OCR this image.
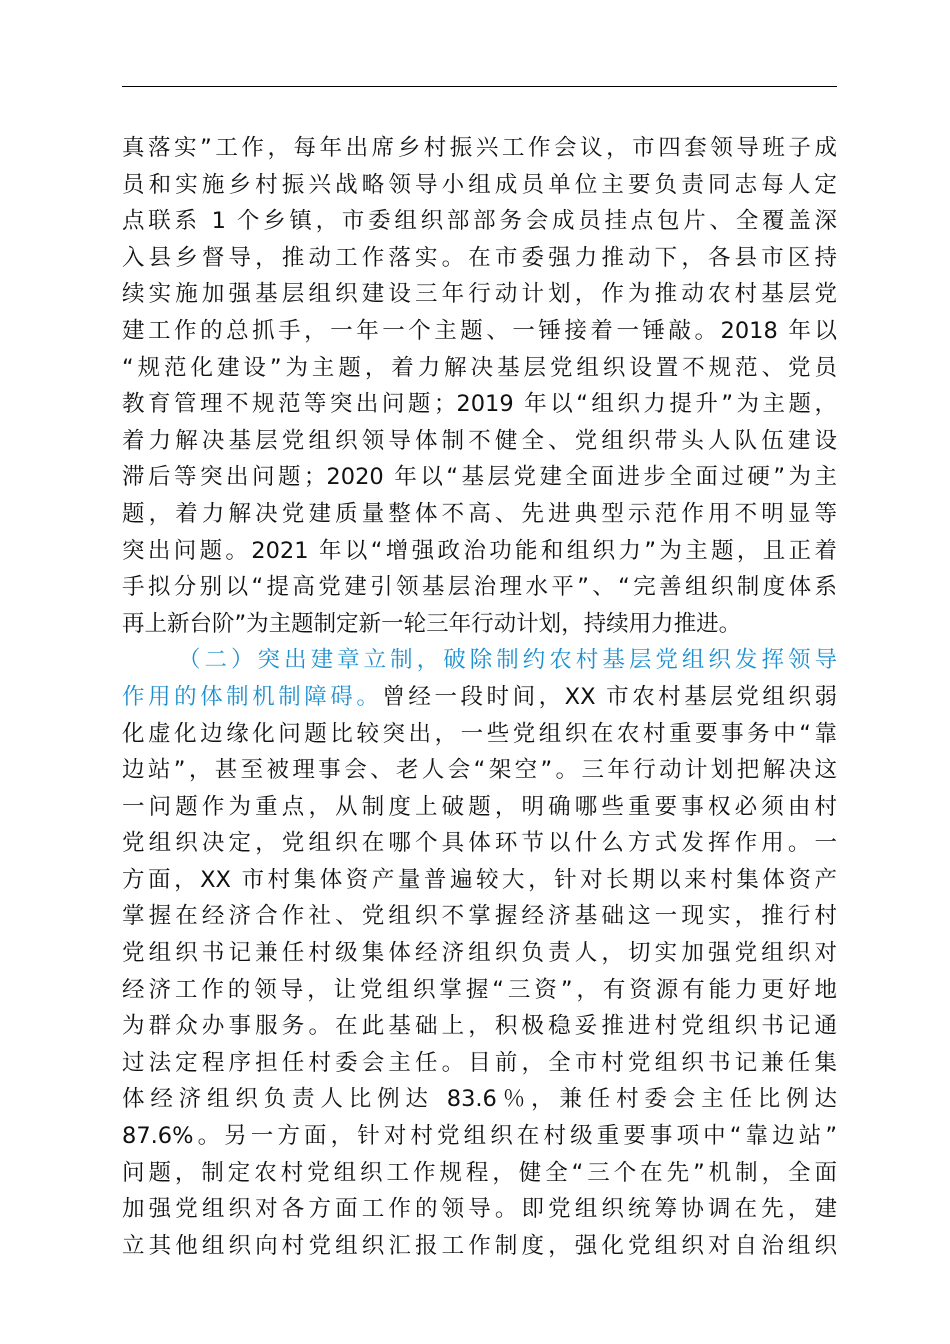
真落实”工作，每年出席乡村振兴工作会议，市四套领导班子成
员和实施乡村振兴战略领导小组成员单位主要负责同志每人定
点联系 1 个乡镇，市委组织部部务会成员挂点包片、全覆盖深
入县乡督导，推动工作落实。在市委强力推动下，各县市区持
续实施加强基层组织建设三年行动计划，作为推动农村基层党
建工作的总抓手，一年一个主题、一锤接着一锤敲。2018 年以
“规范化建设”为主题，着力解决基层党组织设置不规范、党员
教育管理不规范等突出问题；2019 年以“组织力提升”为主题，
着力解决基层党组织领导体制不健全、党组织带头人队伍建设
滞后等突出问题；2020 年以“基层党建全面进步全面过硬”为主
题，着力解决党建质量整体不高、先进典型示范作用不明显等
突出问题。2021 年以“增强政治功能和组织力”为主题，且正着
手拟分别以“提高党建引领基层治理水平”、“完善组织制度体系
再上新台阶”为主题制定新一轮三年行动计划，持续用力推进。
（二）突出建章立制，破除制约农村基层党组织发挥领导
作用的体制机制障碍。曾经一段时间，XX 市农村基层党组织弱
化虚化边缘化问题比较突出，一些党组织在农村重要事务中“靠
边站”，甚至被理事会、老人会“架空”。三年行动计划把解决这
一问题作为重点，从制度上破题，明确哪些重要事权必须由村
党组织决定，党组织在哪个具体环节以什么方式发挥作用。一
方面，XX 市村集体资产量普遍较大，针对长期以来村集体资产
掌握在经济合作社、党组织不掌握经济基础这一现实，推行村
党组织书记兼任村级集体经济组织负责人，切实加强党组织对
经济工作的领导，让党组织掌握“三资”，有资源有能力更好地
为群众办事服务。在此基础上，积极稳妥推进村党组织书记通
过法定程序担任村委会主任。目前，全市村党组织书记兼任集
体经济组织负责人比例达 83.6％，兼任村委会主任比例达
87.6%。另一方面，针对村党组织在村级重要事项中“靠边站”
问题，制定农村党组织工作规程，健全“三个在先”机制，全面
加强党组织对各方面工作的领导。即党组织统筹协调在先，建
立其他组织向村党组织汇报工作制度，强化党组织对自治组织
